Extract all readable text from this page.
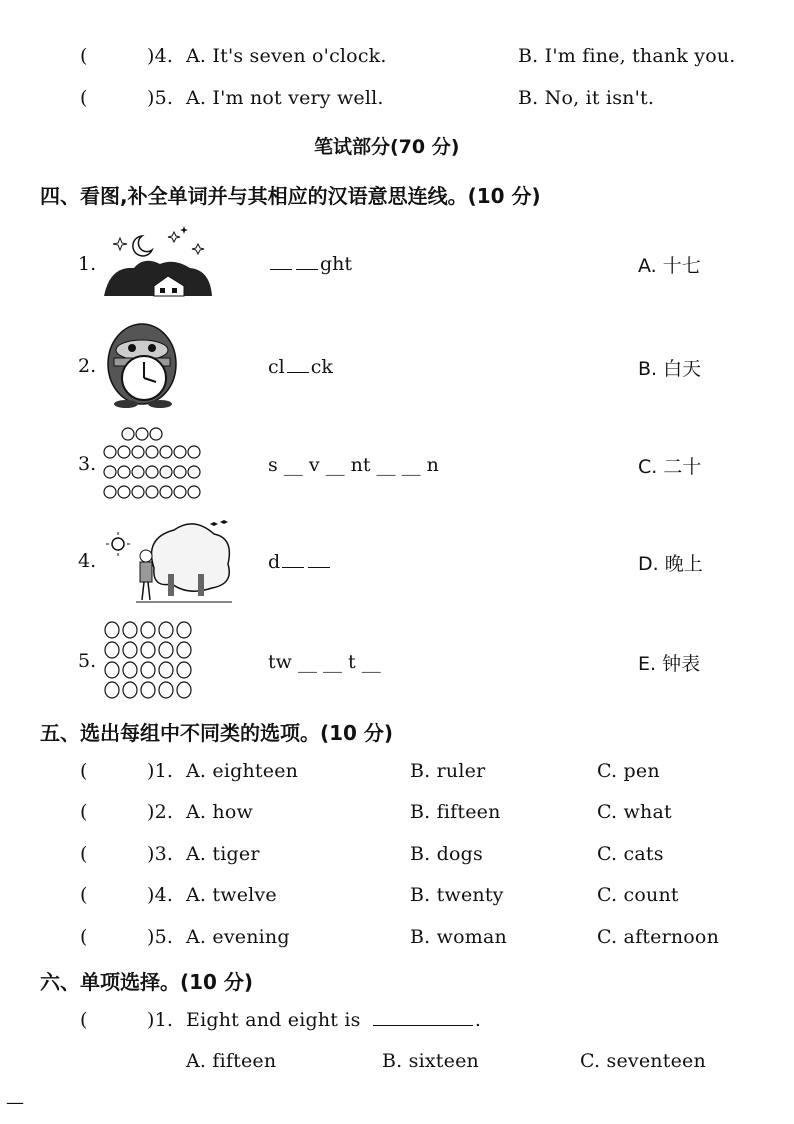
(	)4. A. It's seven o'clock.	B. I'm fine, thank you.
(	)5. A. I'm not very well.	B. No, it isn't.
笔试部分(70 分)
四、看图,补全单词并与其相应的汉语意思连线。(10 分)
1.	ght	A. 十七
2.	cl ck	B. 白天
3.	s __ v __ nt __ __ n	C. 二十
4.	d	D. 晚上
5.	tw __ __ t __	E. 钟表
五、选出每组中不同类的选项。(10 分)
(	)1. A. eighteen	B. ruler	C. pen
(	)2. A. how	B. fifteen	C. what
(	)3. A. tiger	B. dogs	C. cats
(	)4. A. twelve	B. twenty	C. count
(	)5. A. evening	B. woman	C. afternoon
六、单项选择。(10 分)
(	)1. Eight and eight is	.
A. fifteen	B. sixteen	C. seventeen
—
